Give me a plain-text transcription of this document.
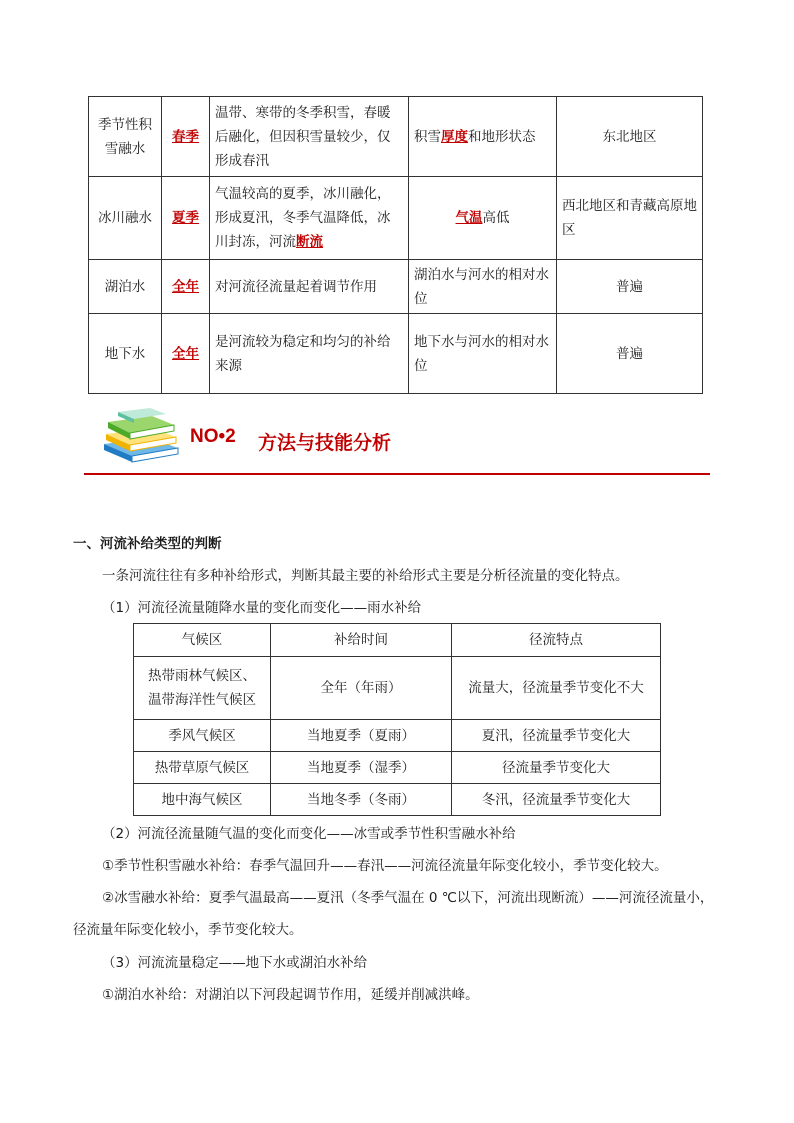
季节性积雪融水	春季	温带、寒带的冬季积雪，春暖后融化，但因积雪量较少，仅形成春汛	积雪厚度和地形状态	东北地区
冰川融水	夏季	气温较高的夏季，冰川融化，形成夏汛，冬季气温降低，冰川封冻，河流断流	气温高低	西北地区和青藏高原地区
湖泊水	全年	对河流径流量起着调节作用	湖泊水与河水的相对水位	普遍
地下水	全年	是河流较为稳定和均匀的补给来源	地下水与河水的相对水位	普遍
NO•2 方法与技能分析
一、河流补给类型的判断
一条河流往往有多种补给形式，判断其最主要的补给形式主要是分析径流量的变化特点。
（1）河流径流量随降水量的变化而变化——雨水补给
气候区	补给时间	径流特点
热带雨林气候区、
温带海洋性气候区	全年（年雨）	流量大，径流量季节变化不大
季风气候区	当地夏季（夏雨）	夏汛，径流量季节变化大
热带草原气候区	当地夏季（湿季）	径流量季节变化大
地中海气候区	当地冬季（冬雨）	冬汛，径流量季节变化大
（2）河流径流量随气温的变化而变化——冰雪或季节性积雪融水补给
①季节性积雪融水补给：春季气温回升——春汛——河流径流量年际变化较小，季节变化较大。
②冰雪融水补给：夏季气温最高——夏汛（冬季气温在 0 ℃以下，河流出现断流）——河流径流量小，
径流量年际变化较小，季节变化较大。
（3）河流流量稳定——地下水或湖泊水补给
①湖泊水补给：对湖泊以下河段起调节作用，延缓并削减洪峰。
